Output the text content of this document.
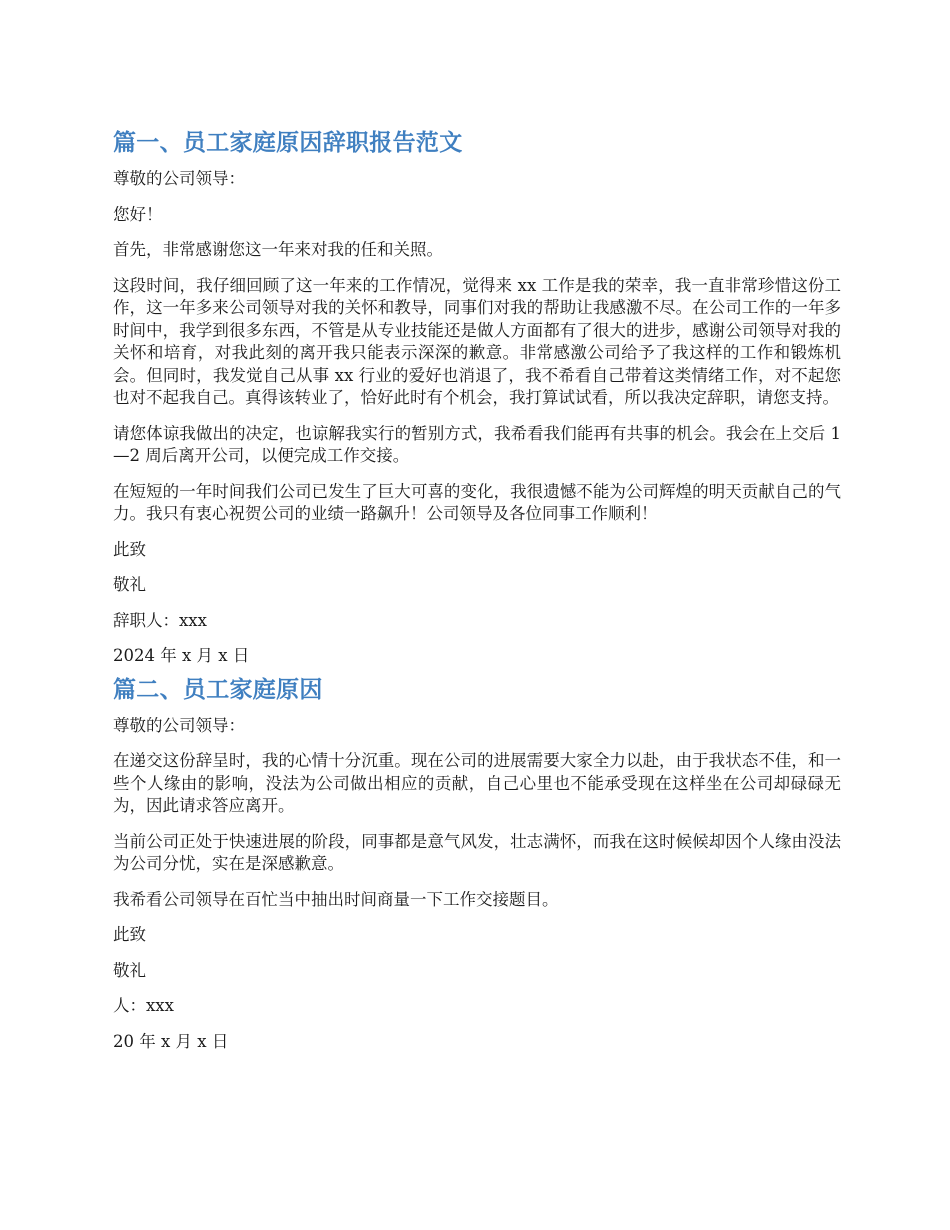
篇一、员工家庭原因辞职报告范文

尊敬的公司领导：

您好！

首先，非常感谢您这一年来对我的任和关照。

这段时间，我仔细回顾了这一年来的工作情况，觉得来 xx 工作是我的荣幸，我一直非常珍惜这份工作，这一年多来公司领导对我的关怀和教导，同事们对我的帮助让我感激不尽。在公司工作的一年多时间中，我学到很多东西，不管是从专业技能还是做人方面都有了很大的进步，感谢公司领导对我的关怀和培育，对我此刻的离开我只能表示深深的歉意。非常感激公司给予了我这样的工作和锻炼机会。但同时，我发觉自己从事 xx 行业的爱好也消退了，我不希看自己带着这类情绪工作，对不起您也对不起我自己。真得该转业了，恰好此时有个机会，我打算试试看，所以我决定辞职，请您支持。

请您体谅我做出的决定，也谅解我实行的暂别方式，我希看我们能再有共事的机会。我会在上交后 1—2 周后离开公司，以便完成工作交接。

在短短的一年时间我们公司已发生了巨大可喜的变化，我很遗憾不能为公司辉煌的明天贡献自己的气力。我只有衷心祝贺公司的业绩一路飙升！公司领导及各位同事工作顺利！

此致

敬礼

辞职人：xxx

2024 年 x 月 x 日

篇二、员工家庭原因

尊敬的公司领导：

在递交这份辞呈时，我的心情十分沉重。现在公司的进展需要大家全力以赴，由于我状态不佳，和一些个人缘由的影响，没法为公司做出相应的贡献，自己心里也不能承受现在这样坐在公司却碌碌无为，因此请求答应离开。

当前公司正处于快速进展的阶段，同事都是意气风发，壮志满怀，而我在这时候候却因个人缘由没法为公司分忧，实在是深感歉意。

我希看公司领导在百忙当中抽出时间商量一下工作交接题目。

此致

敬礼

人：xxx

20 年 x 月 x 日
